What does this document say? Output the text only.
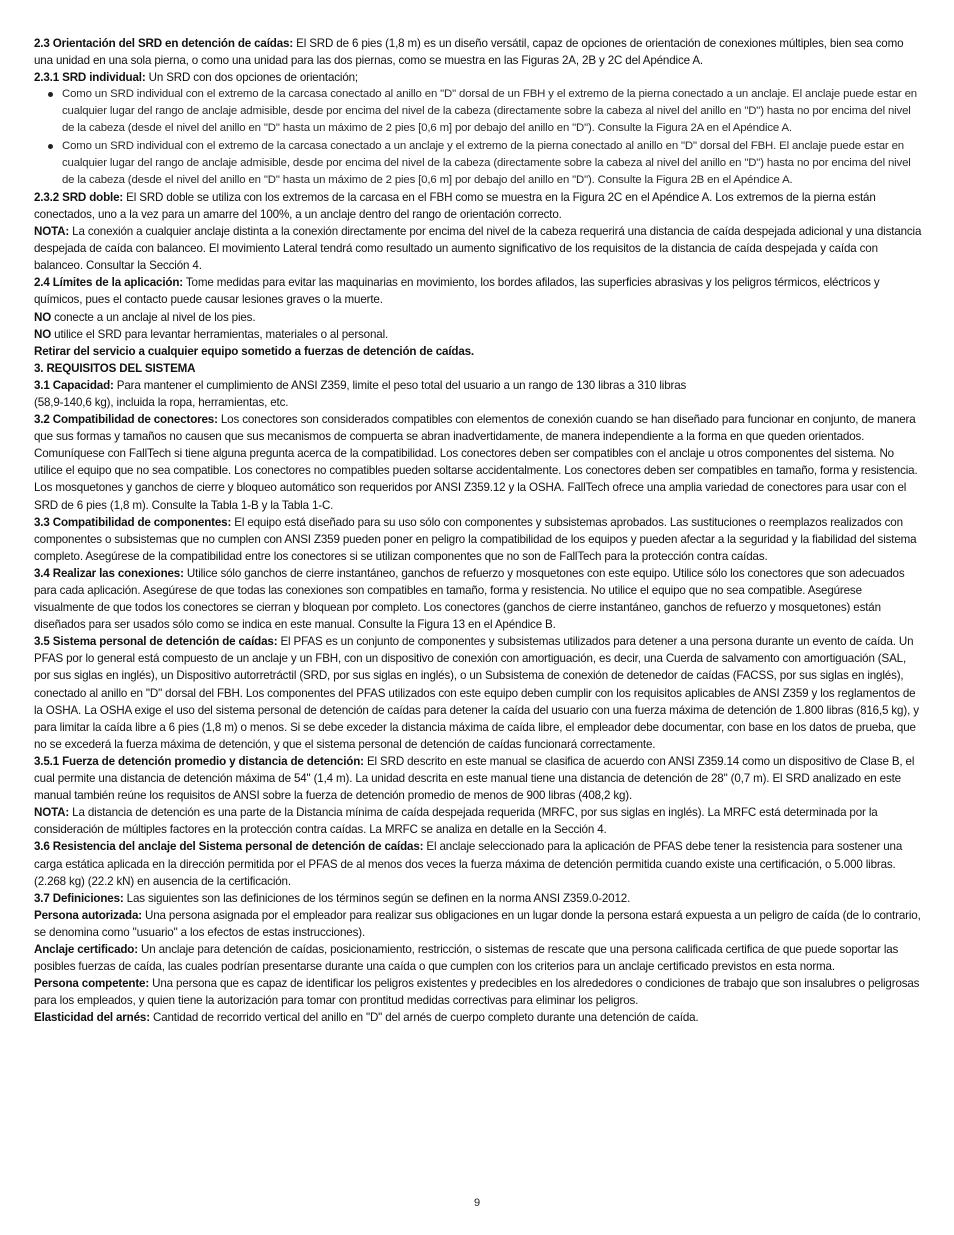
2.3 Orientación del SRD en detención de caídas: El SRD de 6 pies (1,8 m) es un diseño versátil, capaz de opciones de orientación de conexiones múltiples, bien sea como una unidad en una sola pierna, o como una unidad para las dos piernas, como se muestra en las Figuras 2A, 2B y 2C del Apéndice A.

2.3.1 SRD individual: Un SRD con dos opciones de orientación;

Como un SRD individual con el extremo de la carcasa conectado al anillo en "D" dorsal de un FBH y el extremo de la pierna conectado a un anclaje. El anclaje puede estar en cualquier lugar del rango de anclaje admisible, desde por encima del nivel de la cabeza (directamente sobre la cabeza al nivel del anillo en "D") hasta no por encima del nivel de la cabeza (desde el nivel del anillo en "D" hasta un máximo de 2 pies [0,6 m] por debajo del anillo en "D"). Consulte la Figura 2A en el Apéndice A.
Como un SRD individual con el extremo de la carcasa conectado a un anclaje y el extremo de la pierna conectado al anillo en "D" dorsal del FBH. El anclaje puede estar en cualquier lugar del rango de anclaje admisible, desde por encima del nivel de la cabeza (directamente sobre la cabeza al nivel del anillo en "D") hasta no por encima del nivel de la cabeza (desde el nivel del anillo en "D" hasta un máximo de 2 pies [0,6 m] por debajo del anillo en "D"). Consulte la Figura 2B en el Apéndice A.

2.3.2 SRD doble: El SRD doble se utiliza con los extremos de la carcasa en el FBH como se muestra en la Figura 2C en el Apéndice A. Los extremos de la pierna están conectados, uno a la vez para un amarre del 100%, a un anclaje dentro del rango de orientación correcto.

NOTA: La conexión a cualquier anclaje distinta a la conexión directamente por encima del nivel de la cabeza requerirá una distancia de caída despejada adicional y una distancia despejada de caída con balanceo. El movimiento Lateral tendrá como resultado un aumento significativo de los requisitos de la distancia de caída despejada y caída con balanceo. Consultar la Sección 4.

2.4 Límites de la aplicación: Tome medidas para evitar las maquinarias en movimiento, los bordes afilados, las superficies abrasivas y los peligros térmicos, eléctricos y químicos, pues el contacto puede causar lesiones graves o la muerte.

NO conecte a un anclaje al nivel de los pies.

NO utilice el SRD para levantar herramientas, materiales o al personal.

Retirar del servicio a cualquier equipo sometido a fuerzas de detención de caídas.

3. REQUISITOS DEL SISTEMA

3.1 Capacidad: Para mantener el cumplimiento de ANSI Z359, limite el peso total del usuario a un rango de 130 libras a 310 libras
(58,9-140,6 kg), incluida la ropa, herramientas, etc.

3.2 Compatibilidad de conectores: Los conectores son considerados compatibles con elementos de conexión cuando se han diseñado para funcionar en conjunto, de manera que sus formas y tamaños no causen que sus mecanismos de compuerta se abran inadvertidamente, de manera independiente a la forma en que queden orientados. Comuníquese con FallTech si tiene alguna pregunta acerca de la compatibilidad. Los conectores deben ser compatibles con el anclaje u otros componentes del sistema. No utilice el equipo que no sea compatible. Los conectores no compatibles pueden soltarse accidentalmente. Los conectores deben ser compatibles en tamaño, forma y resistencia. Los mosquetones y ganchos de cierre y bloqueo automático son requeridos por ANSI Z359.12 y la OSHA. FallTech ofrece una amplia variedad de conectores para usar con el SRD de 6 pies (1,8 m). Consulte la Tabla 1-B y la Tabla 1-C.

3.3 Compatibilidad de componentes: El equipo está diseñado para su uso sólo con componentes y subsistemas aprobados. Las sustituciones o reemplazos realizados con componentes o subsistemas que no cumplen con ANSI Z359 pueden poner en peligro la compatibilidad de los equipos y pueden afectar a la seguridad y la fiabilidad del sistema completo. Asegúrese de la compatibilidad entre los conectores si se utilizan componentes que no son de FallTech para la protección contra caídas.

3.4 Realizar las conexiones: Utilice sólo ganchos de cierre instantáneo, ganchos de refuerzo y mosquetones con este equipo. Utilice sólo los conectores que son adecuados para cada aplicación. Asegúrese de que todas las conexiones son compatibles en tamaño, forma y resistencia. No utilice el equipo que no sea compatible. Asegúrese visualmente de que todos los conectores se cierran y bloquean por completo. Los conectores (ganchos de cierre instantáneo, ganchos de refuerzo y mosquetones) están diseñados para ser usados sólo como se indica en este manual. Consulte la Figura 13 en el Apéndice B.

3.5 Sistema personal de detención de caídas: El PFAS es un conjunto de componentes y subsistemas utilizados para detener a una persona durante un evento de caída. Un PFAS por lo general está compuesto de un anclaje y un FBH, con un dispositivo de conexión con amortiguación, es decir, una Cuerda de salvamento con amortiguación (SAL, por sus siglas en inglés), un Dispositivo autorretráctil (SRD, por sus siglas en inglés), o un Subsistema de conexión de detenedor de caídas (FACSS, por sus siglas en inglés), conectado al anillo en "D" dorsal del FBH. Los componentes del PFAS utilizados con este equipo deben cumplir con los requisitos aplicables de ANSI Z359 y los reglamentos de la OSHA. La OSHA exige el uso del sistema personal de detención de caídas para detener la caída del usuario con una fuerza máxima de detención de 1.800 libras (816,5 kg), y para limitar la caída libre a 6 pies (1,8 m) o menos. Si se debe exceder la distancia máxima de caída libre, el empleador debe documentar, con base en los datos de prueba, que no se excederá la fuerza máxima de detención, y que el sistema personal de detención de caídas funcionará correctamente.

3.5.1 Fuerza de detención promedio y distancia de detención: El SRD descrito en este manual se clasifica de acuerdo con ANSI Z359.14 como un dispositivo de Clase B, el cual permite una distancia de detención máxima de 54" (1,4 m). La unidad descrita en este manual tiene una distancia de detención de 28" (0,7 m). El SRD analizado en este manual también reúne los requisitos de ANSI sobre la fuerza de detención promedio de menos de 900 libras (408,2 kg).

NOTA: La distancia de detención es una parte de la Distancia mínima de caída despejada requerida (MRFC, por sus siglas en inglés). La MRFC está determinada por la consideración de múltiples factores en la protección contra caídas. La MRFC se analiza en detalle en la Sección 4.

3.6 Resistencia del anclaje del Sistema personal de detención de caídas: El anclaje seleccionado para la aplicación de PFAS debe tener la resistencia para sostener una carga estática aplicada en la dirección permitida por el PFAS de al menos dos veces la fuerza máxima de detención permitida cuando existe una certificación, o 5.000 libras. (2.268 kg) (22.2 kN) en ausencia de la certificación.

3.7 Definiciones: Las siguientes son las definiciones de los términos según se definen en la norma ANSI Z359.0-2012.

Persona autorizada: Una persona asignada por el empleador para realizar sus obligaciones en un lugar donde la persona estará expuesta a un peligro de caída (de lo contrario, se denomina como "usuario" a los efectos de estas instrucciones).

Anclaje certificado: Un anclaje para detención de caídas, posicionamiento, restricción, o sistemas de rescate que una persona calificada certifica de que puede soportar las posibles fuerzas de caída, las cuales podrían presentarse durante una caída o que cumplen con los criterios para un anclaje certificado previstos en esta norma.

Persona competente: Una persona que es capaz de identificar los peligros existentes y predecibles en los alrededores o condiciones de trabajo que son insalubres o peligrosas para los empleados, y quien tiene la autorización para tomar con prontitud medidas correctivas para eliminar los peligros.

Elasticidad del arnés: Cantidad de recorrido vertical del anillo en "D" del arnés de cuerpo completo durante una detención de caída.

9
